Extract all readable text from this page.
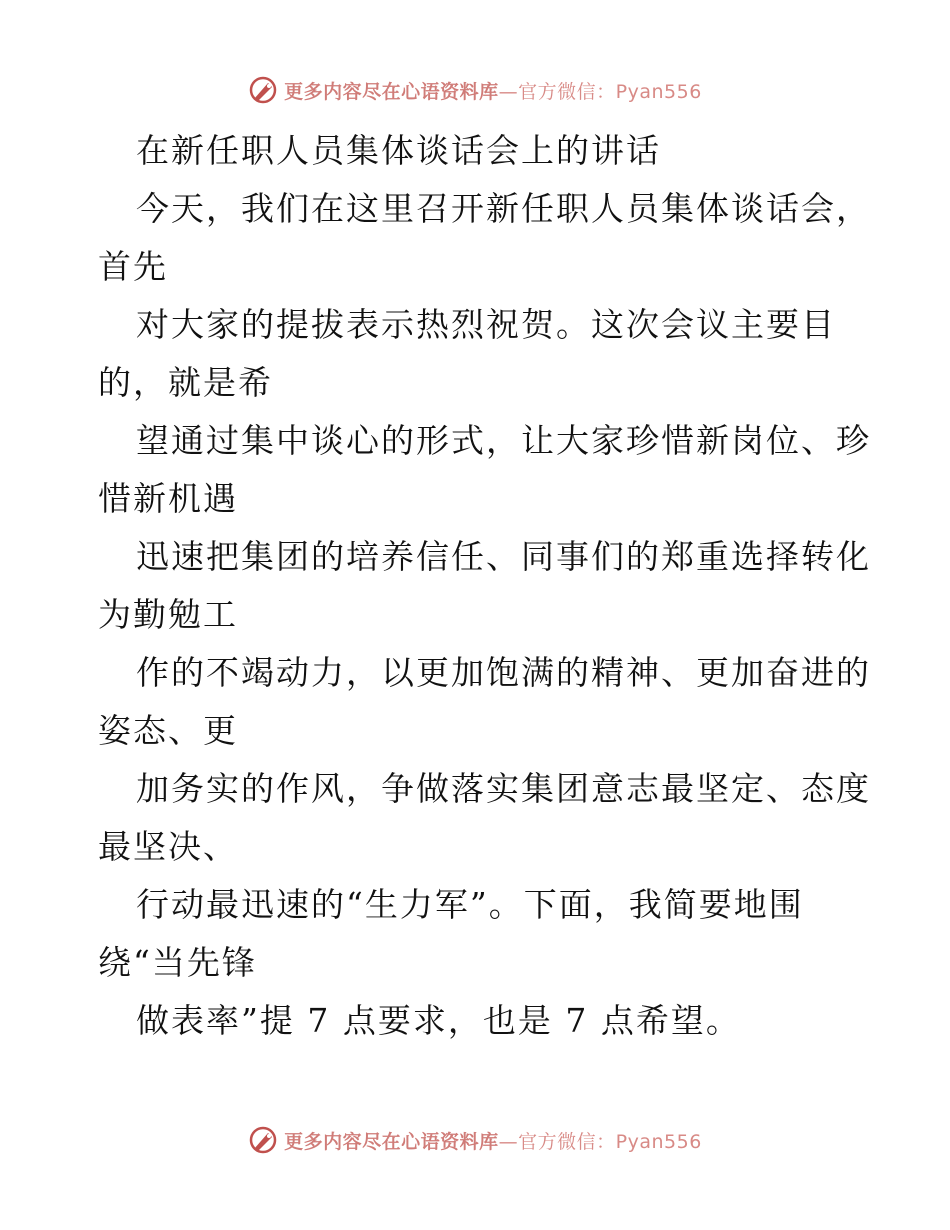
更多内容尽在心语资料库—官方微信：Pyan556
在新任职人员集体谈话会上的讲话
今天，我们在这里召开新任职人员集体谈话会，
首先
对大家的提拔表示热烈祝贺。这次会议主要目
的，就是希
望通过集中谈心的形式，让大家珍惜新岗位、珍
惜新机遇
迅速把集团的培养信任、同事们的郑重选择转化
为勤勉工
作的不竭动力，以更加饱满的精神、更加奋进的
姿态、更
加务实的作风，争做落实集团意志最坚定、态度
最坚决、
行动最迅速的“生力军”。下面，我简要地围
绕“当先锋
做表率”提 7 点要求，也是 7 点希望。
更多内容尽在心语资料库—官方微信：Pyan556
